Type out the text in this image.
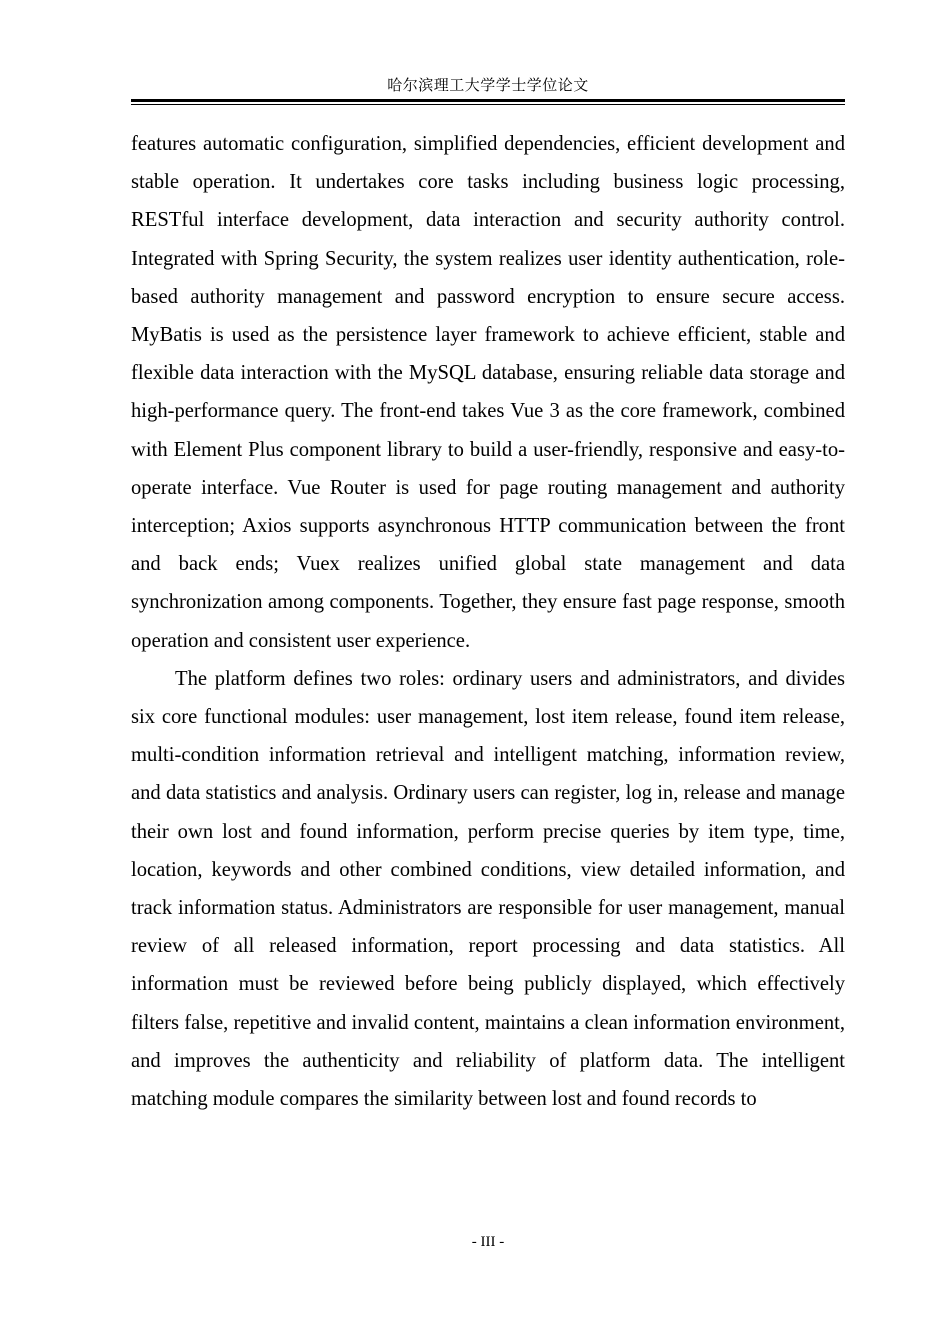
哈尔滨理工大学学士学位论文

features automatic configuration, simplified dependencies, efficient development and stable operation. It undertakes core tasks including business logic processing, RESTful interface development, data interaction and security authority control. Integrated with Spring Security, the system realizes user identity authentication, role-based authority management and password encryption to ensure secure access. MyBatis is used as the persistence layer framework to achieve efficient, stable and flexible data interaction with the MySQL database, ensuring reliable data storage and high-performance query. The front-end takes Vue 3 as the core framework, combined with Element Plus component library to build a user-friendly, responsive and easy-to-operate interface. Vue Router is used for page routing management and authority interception; Axios supports asynchronous HTTP communication between the front and back ends; Vuex realizes unified global state management and data synchronization among components. Together, they ensure fast page response, smooth operation and consistent user experience.

The platform defines two roles: ordinary users and administrators, and divides six core functional modules: user management, lost item release, found item release, multi-condition information retrieval and intelligent matching, information review, and data statistics and analysis. Ordinary users can register, log in, release and manage their own lost and found information, perform precise queries by item type, time, location, keywords and other combined conditions, view detailed information, and track information status. Administrators are responsible for user management, manual review of all released information, report processing and data statistics. All information must be reviewed before being publicly displayed, which effectively filters false, repetitive and invalid content, maintains a clean information environment, and improves the authenticity and reliability of platform data. The intelligent matching module compares the similarity between lost and found records to

- III -
